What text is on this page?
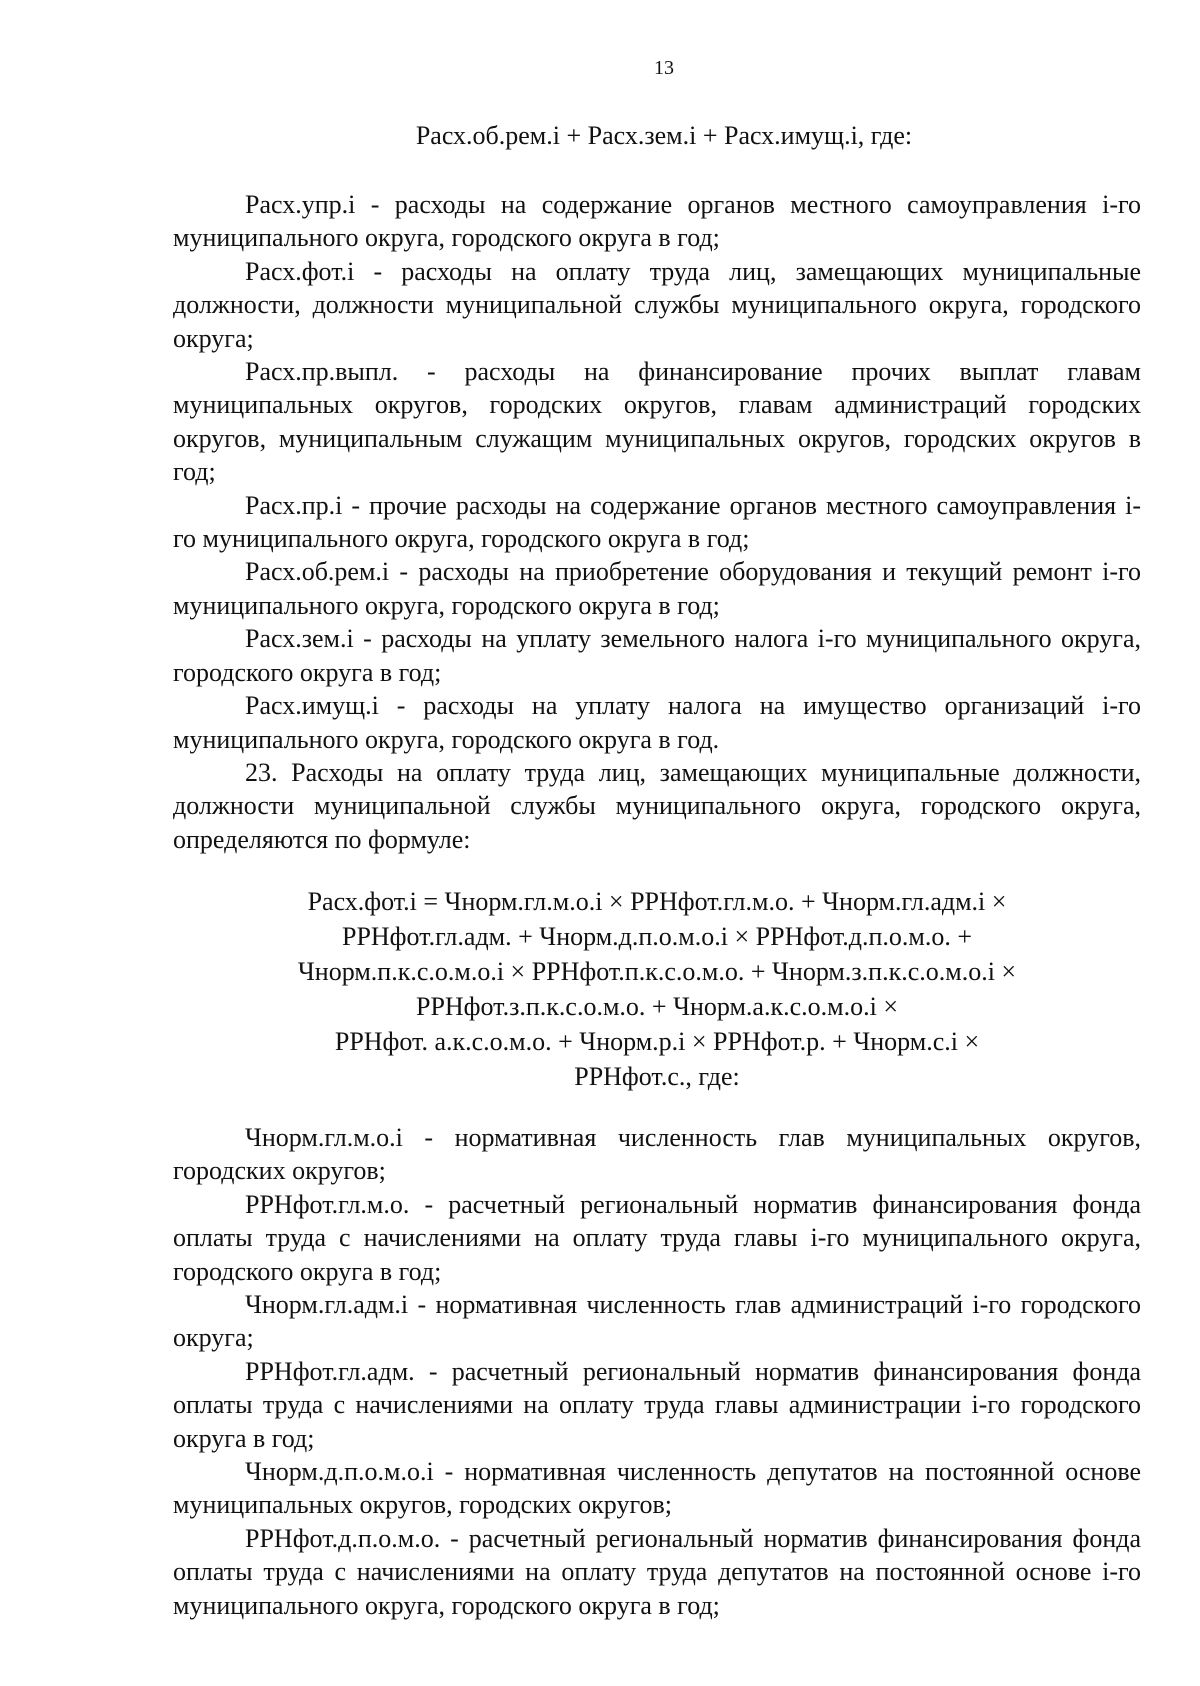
13
Расх.об.рем.i + Расх.зем.i + Расх.имущ.i, где:

Расх.упр.i - расходы на содержание органов местного самоуправления i-го муниципального округа, городского округа в год;

Расх.фот.i - расходы на оплату труда лиц, замещающих муниципальные должности, должности муниципальной службы муниципального округа, городского округа;

Расх.пр.выпл. - расходы на финансирование прочих выплат главам муниципальных округов, городских округов, главам администраций городских округов, муниципальным служащим муниципальных округов, городских округов в год;

Расх.пр.i - прочие расходы на содержание органов местного самоуправления i-го муниципального округа, городского округа в год;

Расх.об.рем.i - расходы на приобретение оборудования и текущий ремонт i-го муниципального округа, городского округа в год;

Расх.зем.i - расходы на уплату земельного налога i-го муниципального округа, городского округа в год;

Расх.имущ.i - расходы на уплату налога на имущество организаций i-го муниципального округа, городского округа в год.

23. Расходы на оплату труда лиц, замещающих муниципальные должности, должности муниципальной службы муниципального округа, городского округа, определяются по формуле:

Расх.фот.i = Чнорм.гл.м.о.i × РРНфот.гл.м.о. + Чнорм.гл.адм.i ×
РРНфот.гл.адм. + Чнорм.д.п.о.м.о.i × РРНфот.д.п.о.м.о. +
Чнорм.п.к.с.о.м.о.i × РРНфот.п.к.с.о.м.о. + Чнорм.з.п.к.с.о.м.о.i ×
РРНфот.з.п.к.с.о.м.о. + Чнорм.а.к.с.о.м.о.i ×
РРНфот. а.к.с.о.м.о. + Чнорм.р.i × РРНфот.р. + Чнорм.с.i ×
РРНфот.с., где:

Чнорм.гл.м.о.i - нормативная численность глав муниципальных округов, городских округов;

РРНфот.гл.м.о. - расчетный региональный норматив финансирования фонда оплаты труда с начислениями на оплату труда главы i-го муниципального округа, городского округа в год;

Чнорм.гл.адм.i - нормативная численность глав администраций i-го городского округа;

РРНфот.гл.адм. - расчетный региональный норматив финансирования фонда оплаты труда с начислениями на оплату труда главы администрации i-го городского округа в год;

Чнорм.д.п.о.м.о.i - нормативная численность депутатов на постоянной основе муниципальных округов, городских округов;

РРНфот.д.п.о.м.о. - расчетный региональный норматив финансирования фонда оплаты труда с начислениями на оплату труда депутатов на постоянной основе i-го муниципального округа, городского округа в год;
